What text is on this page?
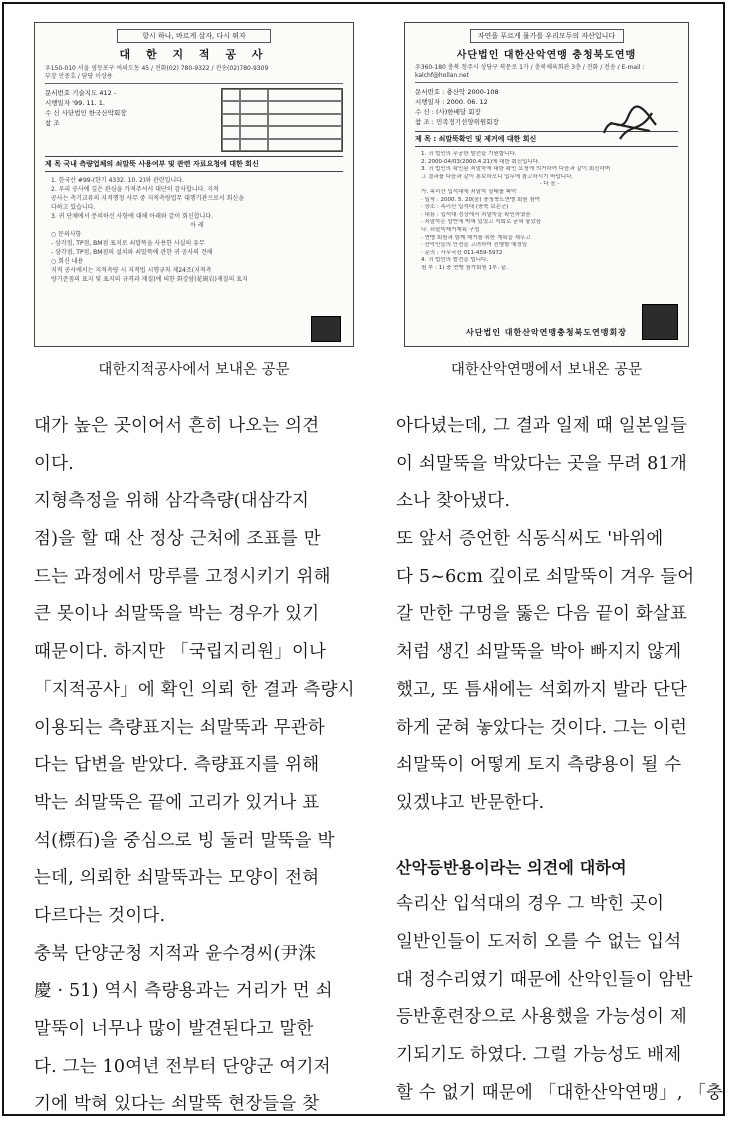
항시 하나, 바르게 살자, 다시 뛰자
대 한 지 적 공 사
우150-010 서울 영등포구 여의도동 45 / 전화(02) 780-9322 / 전송(02)780-9309
부장 안중호 / 담당 이상용
문서번호 기술지도 412 -
시행일자 '99. 11. 1.
수 신 사단법인 한국산악회장
참 조
제 목 국내 측량업체의 쇠말뚝 사용여부 및 관련 자료요청에 대한 회신
1. 한국산 #99-(한기 4332. 10. 2)와 관련입니다.
2. 우리 공사에 깊은 관심을 가져주셔서 대단히 감사합니다. 지적
공사는 측기교류의 지적행정 사무 중 지적측량업무 대행기관으로서 회신을
다하고 있습니다.
3. 귀 단체에서 문의하신 사항에 대해 아래와 같이 회신합니다.
아 래
○ 문의사항
- 삼각점, TP점, BM점 표지로 쇠말뚝을 사용한 사실의 유무
- 삼각점, TP점, BM점의 설치와 쇠말뚝에 관한 귀 공사의 견해
○ 회신 내용
지적 공사에서는 지적측량 시 지적법 시행규칙 제24조(지적측
량기준점의 표지 및 표지의 규격과 재질)에 의한 화강암(花崗岩)재질의 표지
자연을 푸르게 물가를 우리모두의 자산입니다
사단법인 대한산악연맹 충청북도연맹
우360-180 충북 청주시 상당구 북문로 1가 / 충북체육회관 3층 / 전화 / 전송 / E-mail : kalchf@hollan.net
문서번호 : 충산악 2000-108
시행일자 : 2000. 06. 12
수 신 : (사)한배달 회장
참 조 : 민족정기선양위원회장
제 목 : 쇠말뚝확인 및 제거에 대한 회신
1. 귀 법인의 무궁한 발전을 기원합니다.
2. 2000-04/03(2000.4.21)에 대한 회신입니다.
3. 귀 법인의 확인된 쇠말뚝에 대한 확인 요청에 의거하여 다음과 같이 회신하며
그 결과를 다음과 같이 통보하오니 업무에 참고하시기 바랍니다.
- 다 음 -
가. 속리산 입석대에 쇠말뚝 상태를 파악
· 일자 : 2000. 5. 20(음) 충청북도연맹 회원 참여
· 장소 : 속리산 입석대 (충북 보은군)
· 내용 : 입석대 정상에서 쇠말뚝을 확인하였음
· 쇠말뚝은 암반에 박혀 있었고 석회로 굳혀 놓았음
나. 쇠말뚝제거계획 구성
· 연맹 회원과 함께 제거를 위한 계획을 세우고
· 산악인들의 안전을 고려하여 진행할 예정임
· 문의 : 사무국장 011-459-5972
4. 귀 법인의 발전을 빕니다.
첨 부 : 1) 충 연맹 참가회원 1부. 끝.
사단법인 대한산악연맹충청북도연맹회장
대한지적공사에서 보내온 공문	대한산악연맹에서 보내온 공문
대가 높은 곳이어서 흔히 나오는 의견
이다.
지형측정을 위해 삼각측량(대삼각지
점)을 할 때 산 정상 근처에 조표를 만
드는 과정에서 망루를 고정시키기 위해
큰 못이나 쇠말뚝을 박는 경우가 있기
때문이다. 하지만 「국립지리원」이나
「지적공사」에 확인 의뢰 한 결과 측량시
이용되는 측량표지는 쇠말뚝과 무관하
다는 답변을 받았다. 측량표지를 위해
박는 쇠말뚝은 끝에 고리가 있거나 표
석(標石)을 중심으로 빙 둘러 말뚝을 박
는데, 의뢰한 쇠말뚝과는 모양이 전혀
다르다는 것이다.
충북 단양군청 지적과 윤수경씨(尹洙
慶 · 51) 역시 측량용과는 거리가 먼 쇠
말뚝이 너무나 많이 발견된다고 말한
다. 그는 10여년 전부터 단양군 여기저
기에 박혀 있다는 쇠말뚝 현장들을 찾
아다녔는데, 그 결과 일제 때 일본일들
이 쇠말뚝을 박았다는 곳을 무려 81개
소나 찾아냈다.
또 앞서 증언한 식동식씨도 '바위에
다 5~6cm 깊이로 쇠말뚝이 겨우 들어
갈 만한 구멍을 뚫은 다음 끝이 화살표
처럼 생긴 쇠말뚝을 박아 빠지지 않게
했고, 또 틈새에는 석회까지 발라 단단
하게 굳혀 놓았다는 것이다. 그는 이런
쇠말뚝이 어떻게 토지 측량용이 될 수
있겠냐고 반문한다.
산악등반용이라는 의견에 대하여
속리산 입석대의 경우 그 박힌 곳이
일반인들이 도저히 오를 수 없는 입석
대 정수리였기 때문에 산악인들이 암반
등반훈련장으로 사용했을 가능성이 제
기되기도 하였다. 그럴 가능성도 배제
할 수 없기 때문에 「대한산악연맹」, 「충
